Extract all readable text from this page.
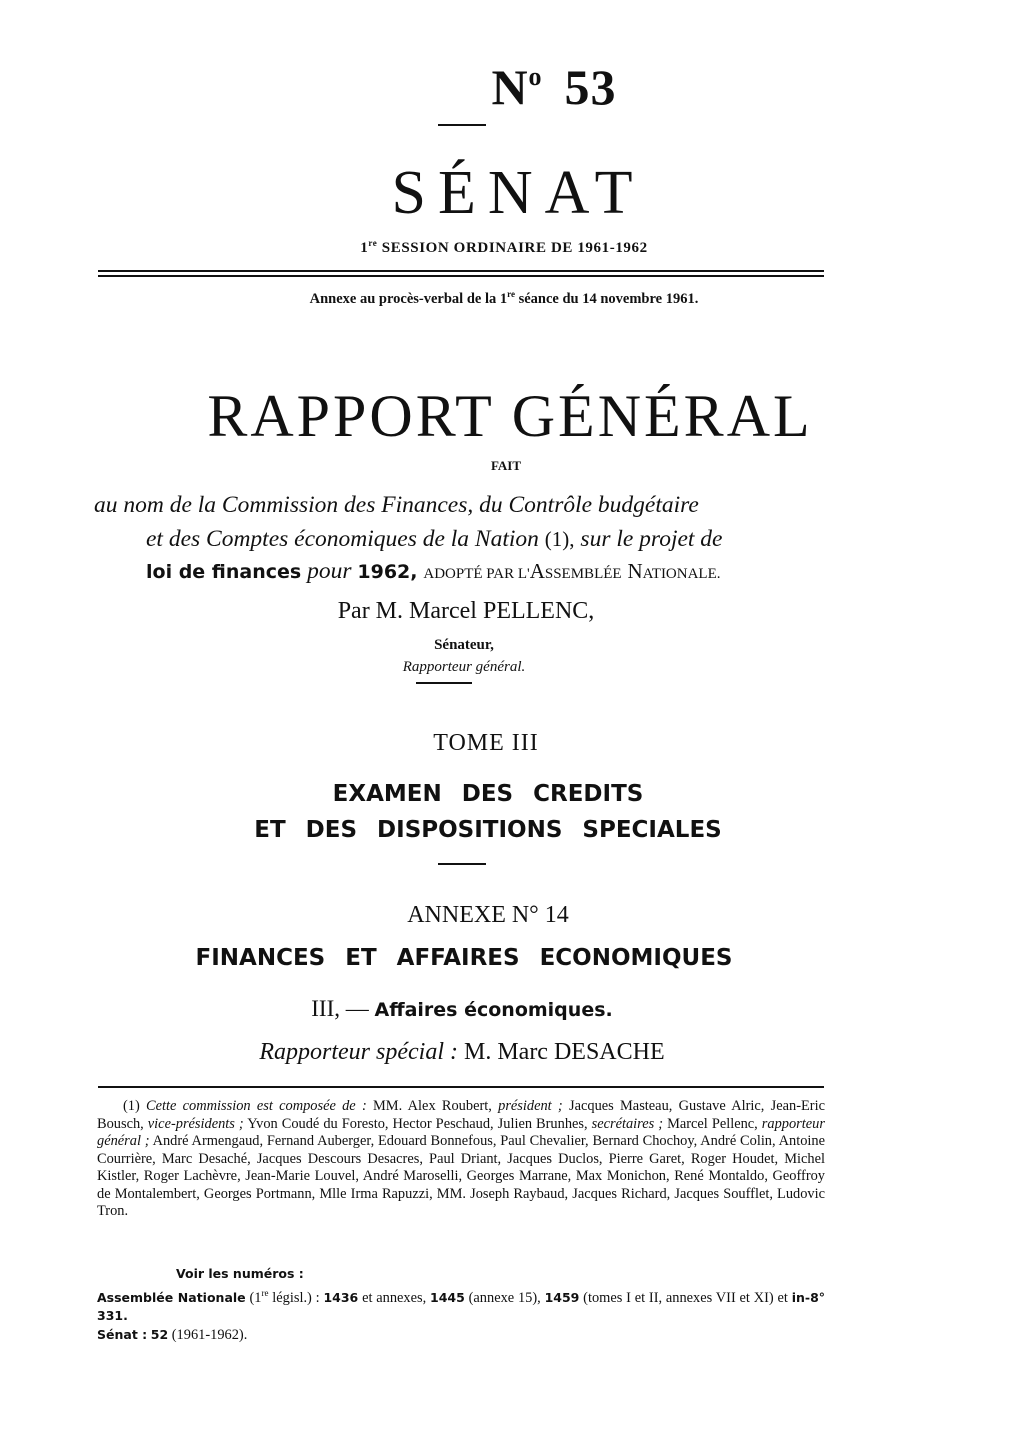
$N^o$ 53
SÉNAT
1re SESSION ORDINAIRE DE 1961-1962
Annexe au procès-verbal de la 1re séance du 14 novembre 1961.
RAPPORT GÉNÉRAL
FAIT
au nom de la Commission des Finances, du Contrôle budgétaire
et des Comptes économiques de la Nation (1), sur le projet de
loi de finances pour 1962, ADOPTÉ PAR L'ASSEMBLÉE NATIONALE.
Par M. Marcel PELLENC,
Sénateur,
Rapporteur général.
TOME III
EXAMEN DES CREDITS
ET DES DISPOSITIONS SPECIALES
ANNEXE N° 14
FINANCES ET AFFAIRES ECONOMIQUES
III, — Affaires économiques.
Rapporteur spécial : M. Marc DESACHE

(1) Cette commission est composée de : MM. Alex Roubert, président ; Jacques Masteau, Gustave Alric, Jean-Eric Bousch, vice-présidents ; Yvon Coudé du Foresto, Hector Peschaud, Julien Brunhes, secrétaires ; Marcel Pellenc, rapporteur général ; André Armengaud, Fernand Auberger, Edouard Bonnefous, Paul Chevalier, Bernard Chochoy, André Colin, Antoine Courrière, Marc Desaché, Jacques Descours Desacres, Paul Driant, Jacques Duclos, Pierre Garet, Roger Houdet, Michel Kistler, Roger Lachèvre, Jean-Marie Louvel, André Maroselli, Georges Marrane, Max Monichon, René Montaldo, Geoffroy de Montalembert, Georges Portmann, Mlle Irma Rapuzzi, MM. Joseph Raybaud, Jacques Richard, Jacques Soufflet, Ludovic Tron.

Voir les numéros :
Assemblée Nationale (1re législ.) : 1436 et annexes, 1445 (annexe 15), 1459 (tomes I et II, annexes VII et XI) et in-8° 331.
Sénat : 52 (1961-1962).
